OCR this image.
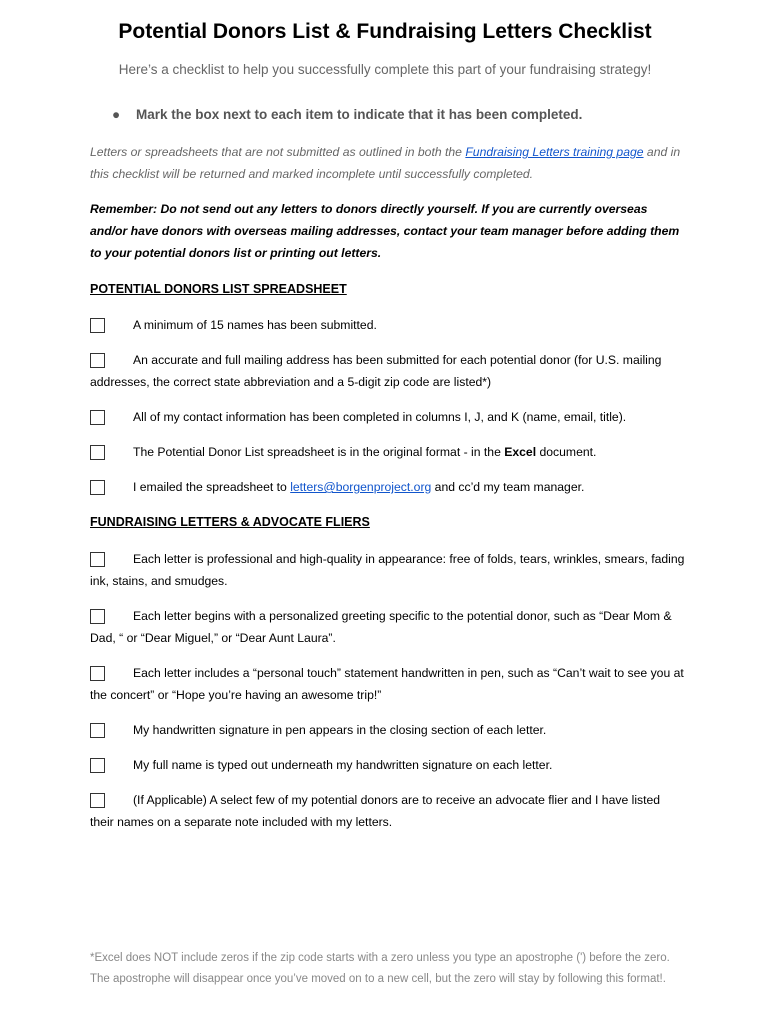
Potential Donors List & Fundraising Letters Checklist
Here’s a checklist to help you successfully complete this part of your fundraising strategy!
● Mark the box next to each item to indicate that it has been completed.
Letters or spreadsheets that are not submitted as outlined in both the Fundraising Letters training page and in this checklist will be returned and marked incomplete until successfully completed.
Remember: Do not send out any letters to donors directly yourself. If you are currently overseas and/or have donors with overseas mailing addresses, contact your team manager before adding them to your potential donors list or printing out letters.
POTENTIAL DONORS LIST SPREADSHEET
A minimum of 15 names has been submitted.
An accurate and full mailing address has been submitted for each potential donor (for U.S. mailing addresses, the correct state abbreviation and a 5-digit zip code are listed*)
All of my contact information has been completed in columns I, J, and K (name, email, title).
The Potential Donor List spreadsheet is in the original format - in the Excel document.
I emailed the spreadsheet to letters@borgenproject.org and cc’d my team manager.
FUNDRAISING LETTERS & ADVOCATE FLIERS
Each letter is professional and high-quality in appearance: free of folds, tears, wrinkles, smears, fading ink, stains, and smudges.
Each letter begins with a personalized greeting specific to the potential donor, such as “Dear Mom & Dad, “ or “Dear Miguel,” or “Dear Aunt Laura”.
Each letter includes a “personal touch” statement handwritten in pen, such as “Can’t wait to see you at the concert” or “Hope you’re having an awesome trip!”
My handwritten signature in pen appears in the closing section of each letter.
My full name is typed out underneath my handwritten signature on each letter.
(If Applicable) A select few of my potential donors are to receive an advocate flier and I have listed their names on a separate note included with my letters.
*Excel does NOT include zeros if the zip code starts with a zero unless you type an apostrophe (') before the zero. The apostrophe will disappear once you’ve moved on to a new cell, but the zero will stay by following this format!.
